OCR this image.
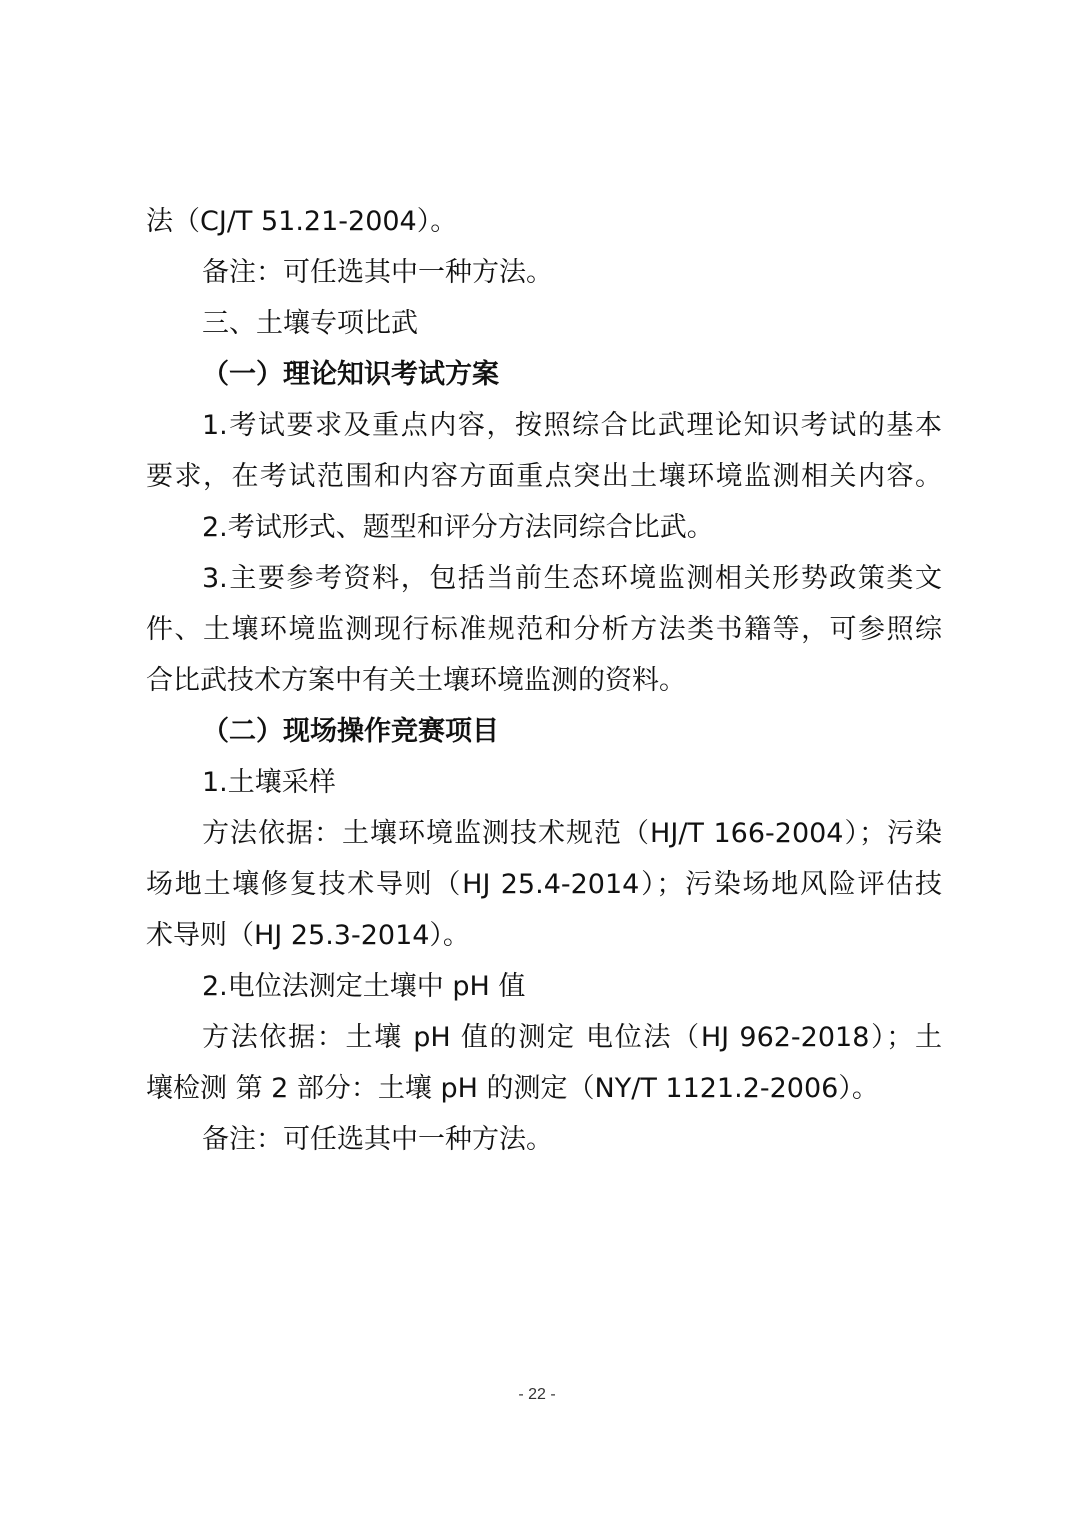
法（CJ/T 51.21-2004）。
备注：可任选其中一种方法。
三、土壤专项比武
（一）理论知识考试方案
1.考试要求及重点内容，按照综合比武理论知识考试的基本
要求，在考试范围和内容方面重点突出土壤环境监测相关内容。
2.考试形式、题型和评分方法同综合比武。
3.主要参考资料，包括当前生态环境监测相关形势政策类文
件、土壤环境监测现行标准规范和分析方法类书籍等，可参照综
合比武技术方案中有关土壤环境监测的资料。
（二）现场操作竞赛项目
1.土壤采样
方法依据：土壤环境监测技术规范（HJ/T 166-2004）；污染
场地土壤修复技术导则（HJ 25.4-2014）；污染场地风险评估技
术导则（HJ 25.3-2014）。
2.电位法测定土壤中 pH 值
方法依据：土壤 pH 值的测定 电位法（HJ 962-2018）；土
壤检测 第 2 部分：土壤 pH 的测定（NY/T 1121.2-2006）。
备注：可任选其中一种方法。
- 22 -
